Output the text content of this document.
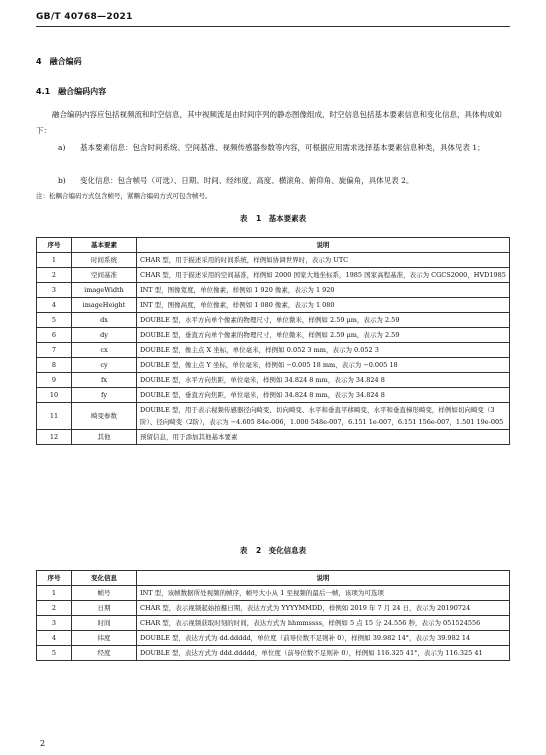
GB/T 40768—2021
4　融合编码
4.1　融合编码内容
融合编码内容应包括视频流和时空信息，其中视频流是由时间序列的静态图像组成，时空信息包括基本要素信息和变化信息，具体构成如下：
a) 基本要素信息：包含时间系统、空间基准、视频传感器参数等内容，可根据应用需求选择基本要素信息种类，具体见表 1；
b) 变化信息：包含帧号（可选）、日期、时间、经纬度、高度、横滚角、俯仰角、旋偏角，具体见表 2。
注：松耦合编码方式包含帧号，紧耦合编码方式可包含帧号。
表 1　基本要素表
序号	基本要素	说明
1	时间系统	CHAR 型，用于描述采用的时间系统，样例如协调世界时，表示为 UTC
2	空间基准	CHAR 型，用于描述采用的空间基准，样例如 2000 国家大地坐标系，1985 国家高程基准，表示为 CGCS2000，HVD1985
3	imageWidth	INT 型，图像宽度，单位像素，样例如 1 920 像素，表示为 1 920
4	imageHeight	INT 型，图像高度，单位像素，样例如 1 080 像素，表示为 1 080
5	dx	DOUBLE 型，水平方向单个像素的物理尺寸，单位微米，样例如 2.59 μm，表示为 2.59
6	dy	DOUBLE 型，垂直方向单个像素的物理尺寸，单位微米，样例如 2.59 μm，表示为 2.59
7	cx	DOUBLE 型，像主点 X 坐标，单位毫米，样例如 0.052 3 mm，表示为 0.052 3
8	cy	DOUBLE 型，像主点 Y 坐标，单位毫米，样例如 −0.005 18 mm，表示为 −0.005 18
9	fx	DOUBLE 型，水平方向焦距，单位毫米，样例如 34.824 8 mm，表示为 34.824 8
10	fy	DOUBLE 型，垂直方向焦距，单位毫米，样例如 34.824 8 mm，表示为 34.824 8
11	畸变参数	DOUBLE 型，用于表示视频传感器径向畸变、切向畸变、水平和垂直平移畸变、水平和垂直梯形畸变，样例如切向畸变（3阶）、径向畸变（2阶），表示为 −4.605 84e-006，1.000 548e-007，6.151 1e-007，6.151 156e-007，1.501 19e-005
12	其他	预留信息，用于添加其他基本要素
表 2　变化信息表
序号	变化信息	说明
1	帧号	INT 型，该帧数据所处视频的帧序，帧号大小从 1 至视频的最后一帧，该项为可选项
2	日期	CHAR 型，表示视频起始拍摄日期，表达方式为 YYYYMMDD，样例如 2019 年 7 月 24 日，表示为 20190724
3	时间	CHAR 型，表示视频获取时刻的时间，表达方式为 hhmmssss，样例如 5 点 15 分 24.556 秒，表示为 051524556
4	纬度	DOUBLE 型，表达方式为 dd.ddddd，单位度（前导位数不足则补 0），样例如 39.982 14°，表示为 39.982 14
5	经度	DOUBLE 型，表达方式为 ddd.ddddd，单位度（前导位数不足则补 0），样例如 116.325 41°，表示为 116.325 41
2
